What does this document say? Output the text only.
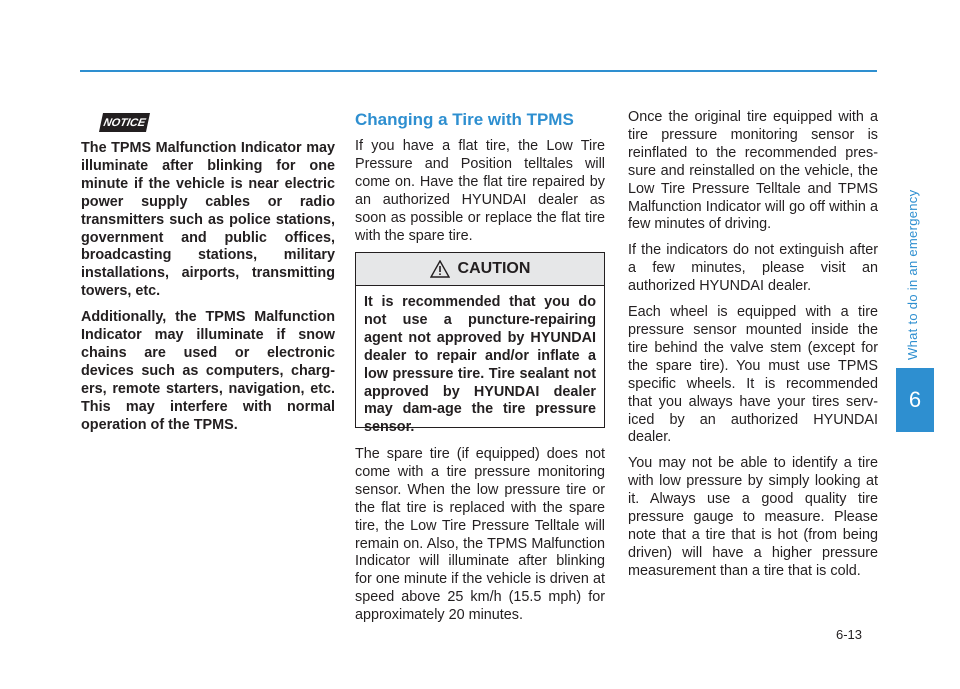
What to do in an emergency
6
NOTICE

The TPMS Malfunction Indicator may illuminate after blinking for one minute if the vehicle is near electric power supply cables or radio transmitters such as police stations, government and public offices, broadcasting stations, military installations, airports, transmitting towers, etc.

Additionally, the TPMS Malfunction Indicator may illuminate if snow chains are used or electronic devices such as computers, charg-ers, remote starters, navigation, etc. This may interfere with normal operation of the TPMS.

Changing a Tire with TPMS

If you have a flat tire, the Low Tire Pressure and Position telltales will come on. Have the flat tire repaired by an authorized HYUNDAI dealer as soon as possible or replace the flat tire with the spare tire.

CAUTION
It is recommended that you do not use a puncture-repairing agent not approved by HYUNDAI dealer to repair and/or inflate a low pressure tire. Tire sealant not approved by HYUNDAI dealer may dam-age the tire pressure sensor.
The spare tire (if equipped) does not come with a tire pressure monitoring sensor. When the low pressure tire or the flat tire is replaced with the spare tire, the Low Tire Pressure Telltale will remain on. Also, the TPMS Malfunction Indicator will illuminate after blinking for one minute if the vehicle is driven at speed above 25 km/h (15.5 mph) for approximately 20 minutes.

Once the original tire equipped with a tire pressure monitoring sensor is reinflated to the recommended pres-sure and reinstalled on the vehicle, the Low Tire Pressure Telltale and TPMS Malfunction Indicator will go off within a few minutes of driving.

If the indicators do not extinguish after a few minutes, please visit an authorized HYUNDAI dealer.

Each wheel is equipped with a tire pressure sensor mounted inside the tire behind the valve stem (except for the spare tire). You must use TPMS specific wheels. It is recommended that you always have your tires serv-iced by an authorized HYUNDAI dealer.

You may not be able to identify a tire with low pressure by simply looking at it. Always use a good quality tire pressure gauge to measure. Please note that a tire that is hot (from being driven) will have a higher pressure measurement than a tire that is cold.

6-13
